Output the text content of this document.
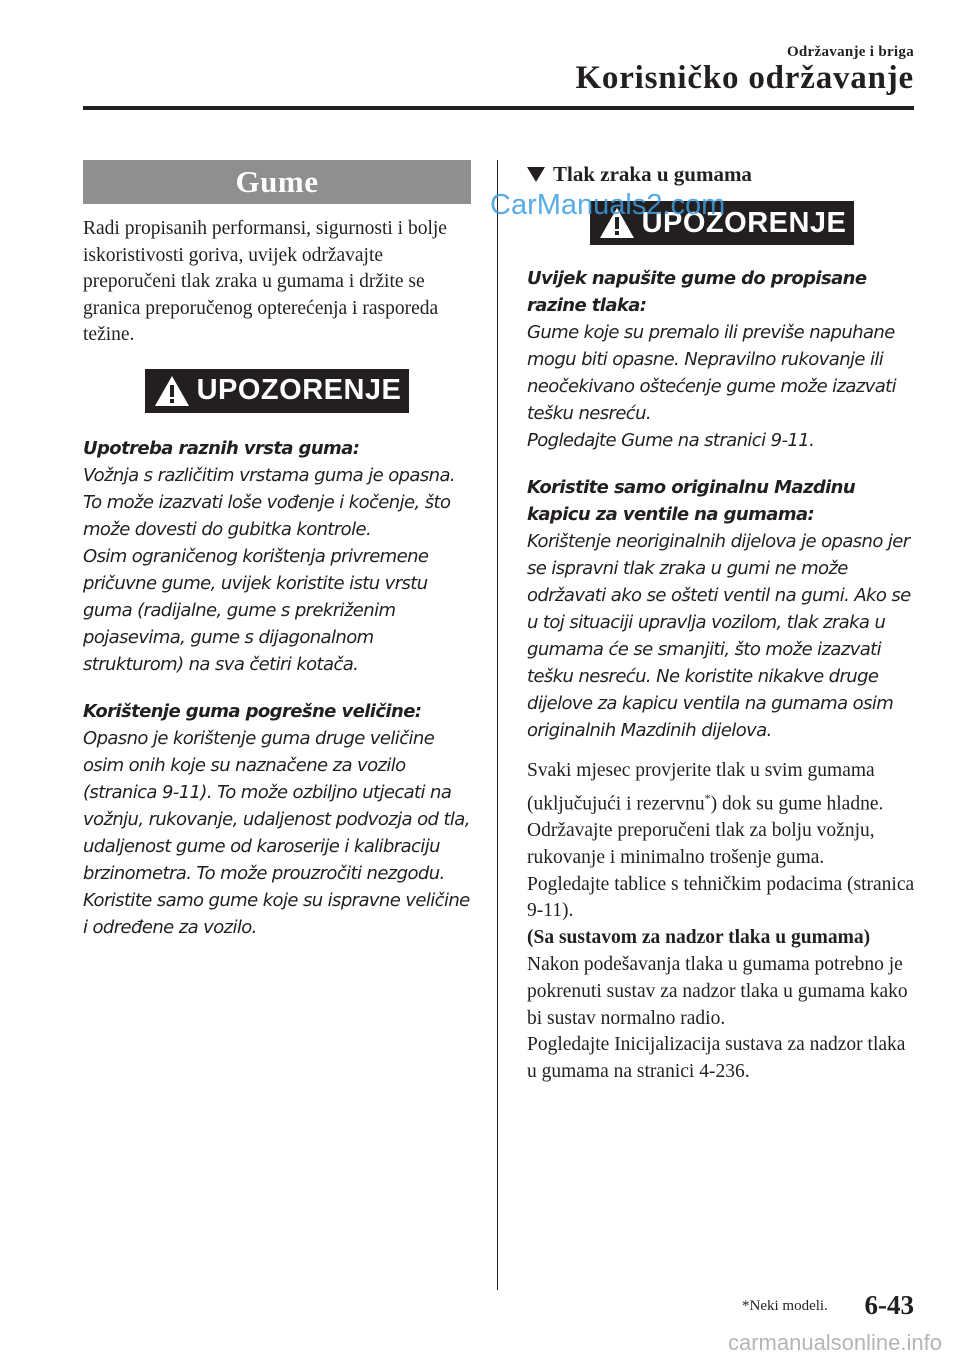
Održavanje i briga
Korisničko održavanje
Gume

Radi propisanih performansi, sigurnosti i bolje iskoristivosti goriva, uvijek održavajte preporučeni tlak zraka u gumama i držite se granica preporučenog opterećenja i rasporeda težine.

UPOZORENJE

Upotreba raznih vrsta guma:

Vožnja s različitim vrstama guma je opasna. To može izazvati loše vođenje i kočenje, što može dovesti do gubitka kontrole.

Osim ograničenog korištenja privremene pričuvne gume, uvijek koristite istu vrstu guma (radijalne, gume s prekriženim pojasevima, gume s dijagonalnom strukturom) na sva četiri kotača.

Korištenje guma pogrešne veličine:

Opasno je korištenje guma druge veličine osim onih koje su naznačene za vozilo (stranica 9-11). To može ozbiljno utjecati na vožnju, rukovanje, udaljenost podvozja od tla, udaljenost gume od karoserije i kalibraciju brzinometra. To može prouzročiti nezgodu. Koristite samo gume koje su ispravne veličine i određene za vozilo.

Tlak zraka u gumama
UPOZORENJE

Uvijek napušite gume do propisane razine tlaka:

Gume koje su premalo ili previše napuhane mogu biti opasne. Nepravilno rukovanje ili neočekivano oštećenje gume može izazvati tešku nesreću.

Pogledajte Gume na stranici 9-11.

Koristite samo originalnu Mazdinu kapicu za ventile na gumama:

Korištenje neoriginalnih dijelova je opasno jer se ispravni tlak zraka u gumi ne može održavati ako se ošteti ventil na gumi. Ako se u toj situaciji upravlja vozilom, tlak zraka u gumama će se smanjiti, što može izazvati tešku nesreću. Ne koristite nikakve druge dijelove za kapicu ventila na gumama osim originalnih Mazdinih dijelova.

Svaki mjesec provjerite tlak u svim gumama (uključujući i rezervnu*) dok su gume hladne. Održavajte preporučeni tlak za bolju vožnju, rukovanje i minimalno trošenje guma.

Pogledajte tablice s tehničkim podacima (stranica 9-11).

(Sa sustavom za nadzor tlaka u gumama)

Nakon podešavanja tlaka u gumama potrebno je pokrenuti sustav za nadzor tlaka u gumama kako bi sustav normalno radio.

Pogledajte Inicijalizacija sustava za nadzor tlaka u gumama na stranici 4-236.

CarManuals2.com
*Neki modeli. 6-43
carmanualsonline.info
